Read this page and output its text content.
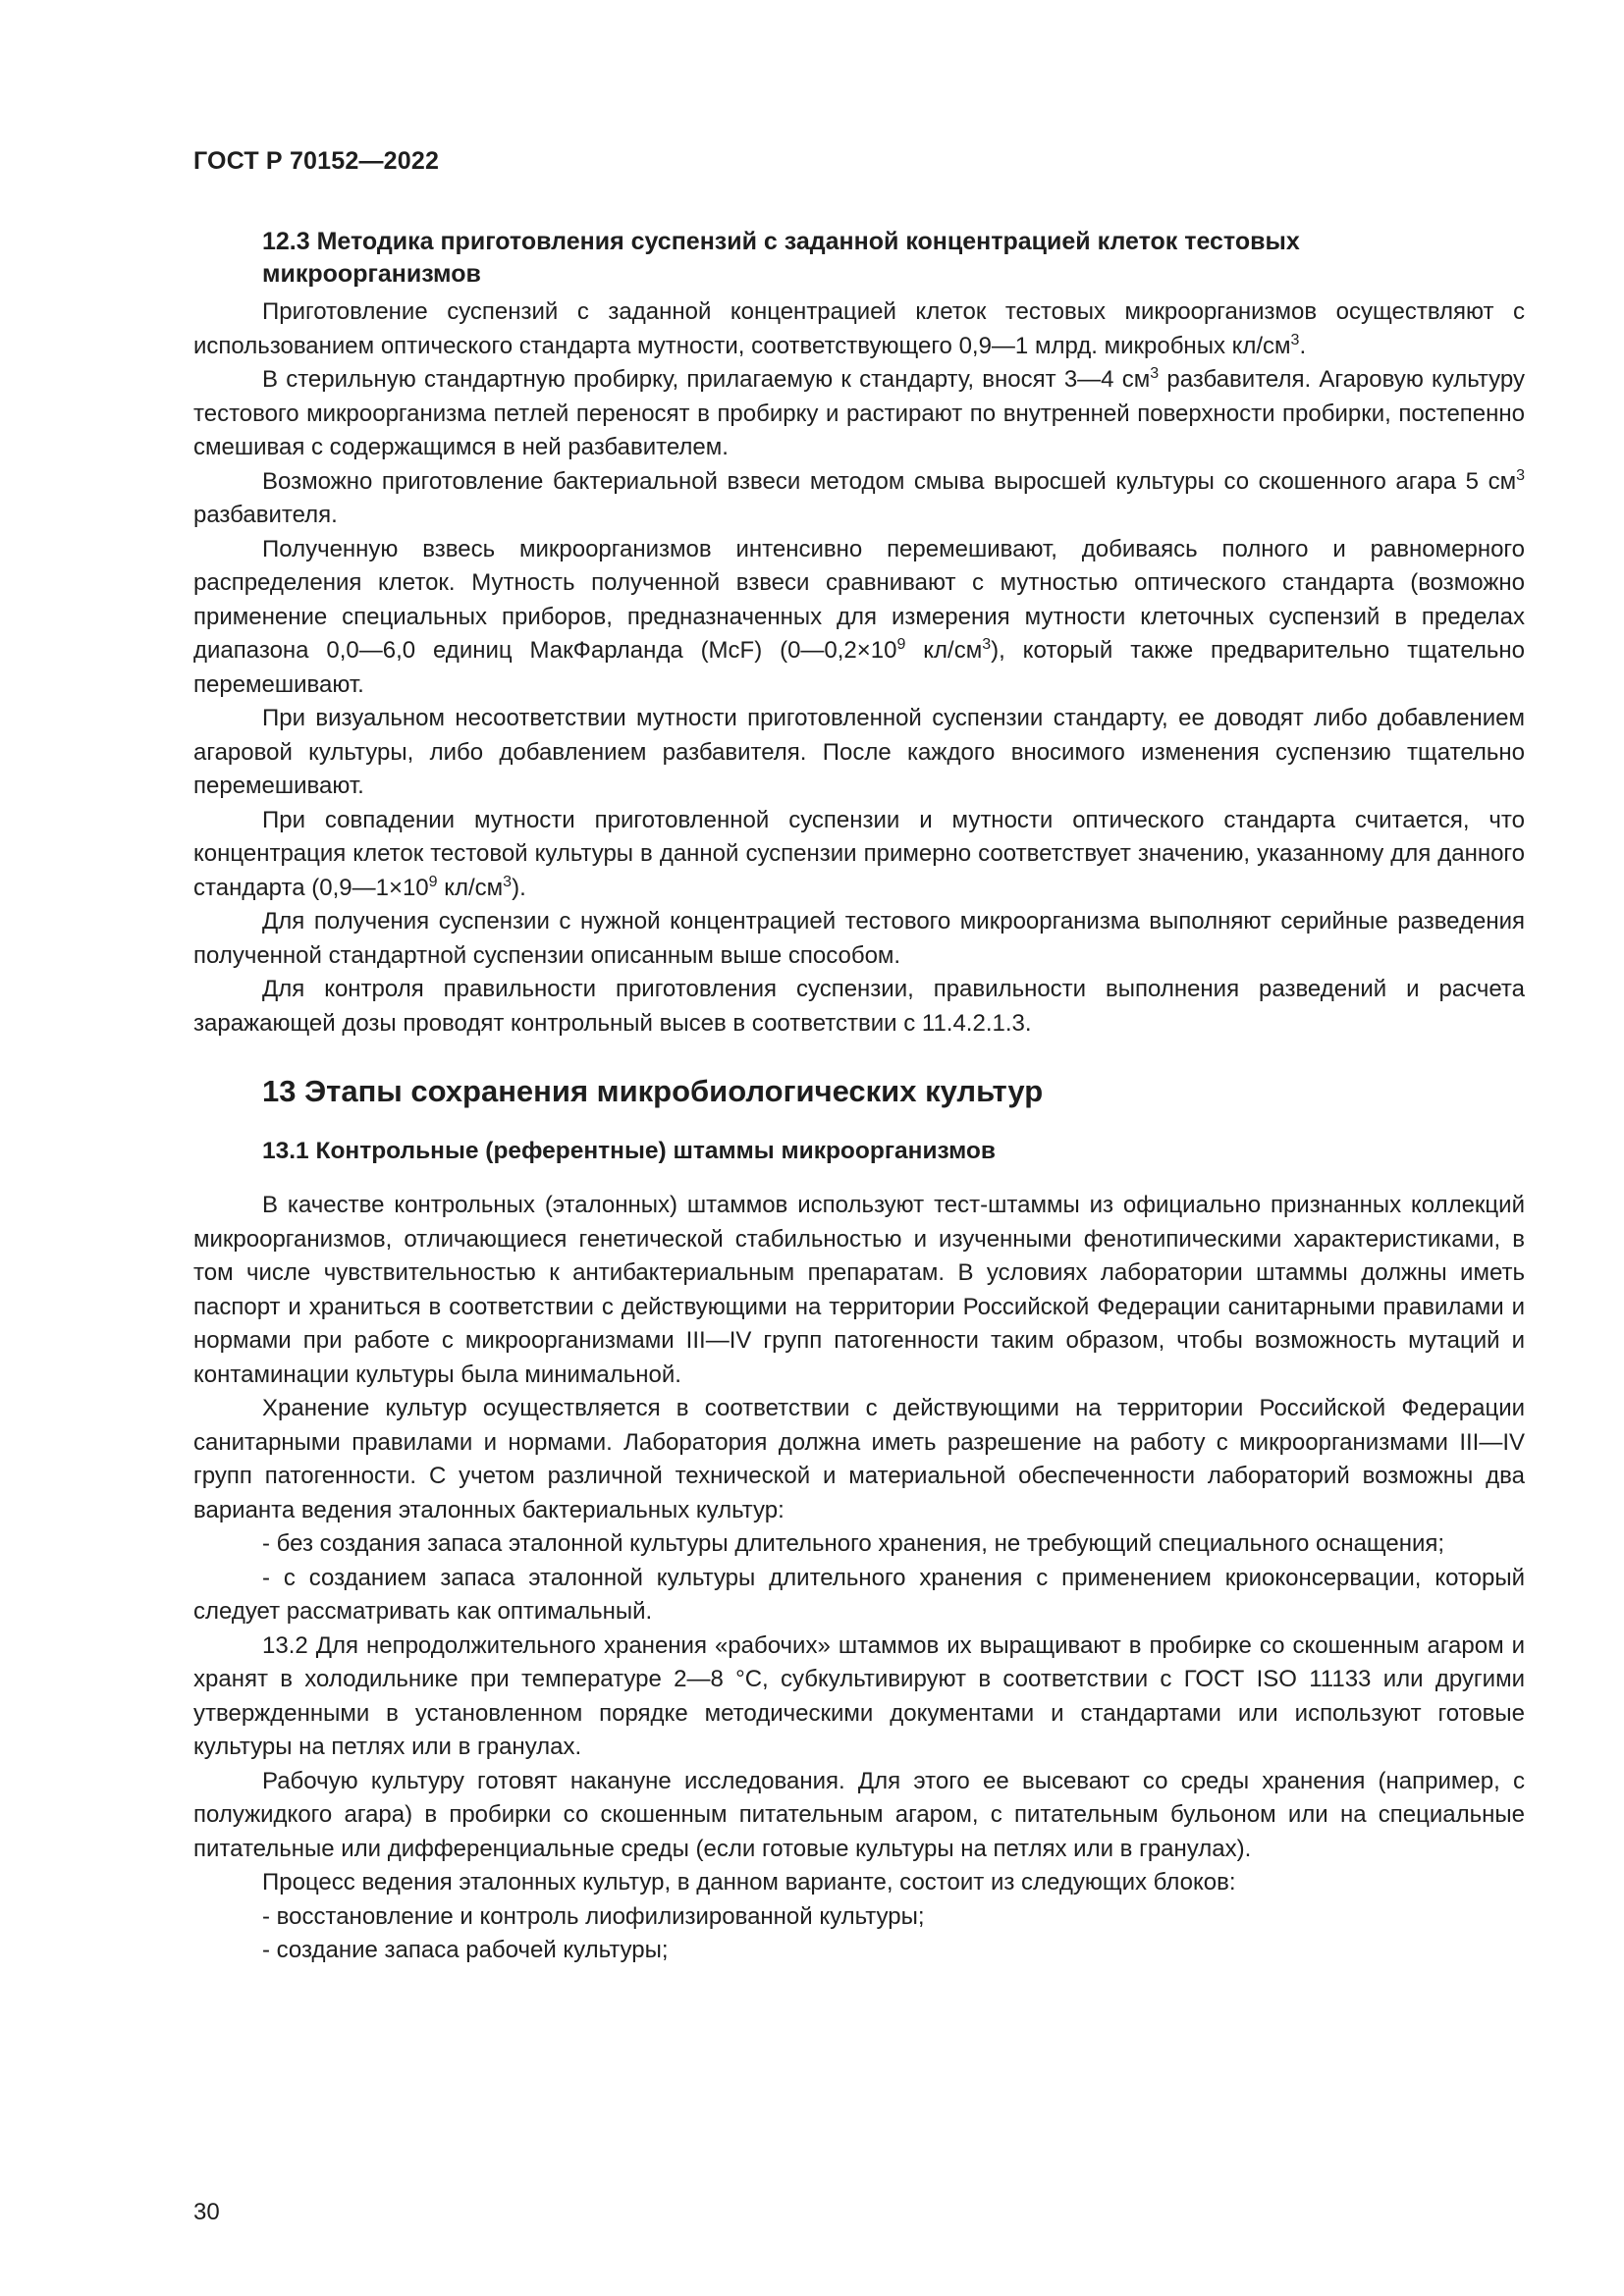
ГОСТ Р 70152—2022
12.3 Методика приготовления суспензий с заданной концентрацией клеток тестовых микроорганизмов

Приготовление суспензий с заданной концентрацией клеток тестовых микроорганизмов осуществляют с использованием оптического стандарта мутности, соответствующего 0,9—1 млрд. микробных $кл/см^3$.

В стерильную стандартную пробирку, прилагаемую к стандарту, вносят 3—4 $см^3$ разбавителя. Агаровую культуру тестового микроорганизма петлей переносят в пробирку и растирают по внутренней поверхности пробирки, постепенно смешивая с содержащимся в ней разбавителем.

Возможно приготовление бактериальной взвеси методом смыва выросшей культуры со скошенного агара 5 $см^3$ разбавителя.

Полученную взвесь микроорганизмов интенсивно перемешивают, добиваясь полного и равномерного распределения клеток. Мутность полученной взвеси сравнивают с мутностью оптического стандарта (возможно применение специальных приборов, предназначенных для измерения мутности клеточных суспензий в пределах диапазона 0,0—6,0 единиц МакФарланда (McF) ($0—0,2\times 10^9$ $кл/см^3$), который также предварительно тщательно перемешивают.

При визуальном несоответствии мутности приготовленной суспензии стандарту, ее доводят либо добавлением агаровой культуры, либо добавлением разбавителя. После каждого вносимого изменения суспензию тщательно перемешивают.

При совпадении мутности приготовленной суспензии и мутности оптического стандарта считается, что концентрация клеток тестовой культуры в данной суспензии примерно соответствует значению, указанному для данного стандарта ($0,9—1\times 10^9$ $кл/см^3$).

Для получения суспензии с нужной концентрацией тестового микроорганизма выполняют серийные разведения полученной стандартной суспензии описанным выше способом.

Для контроля правильности приготовления суспензии, правильности выполнения разведений и расчета заражающей дозы проводят контрольный высев в соответствии с 11.4.2.1.3.

13 Этапы сохранения микробиологических культур
13.1 Контрольные (референтные) штаммы микроорганизмов

В качестве контрольных (эталонных) штаммов используют тест-штаммы из официально признанных коллекций микроорганизмов, отличающиеся генетической стабильностью и изученными фенотипическими характеристиками, в том числе чувствительностью к антибактериальным препаратам. В условиях лаборатории штаммы должны иметь паспорт и храниться в соответствии с действующими на территории Российской Федерации санитарными правилами и нормами при работе с микроорганизмами III—IV групп патогенности таким образом, чтобы возможность мутаций и контаминации культуры была минимальной.

Хранение культур осуществляется в соответствии с действующими на территории Российской Федерации санитарными правилами и нормами. Лаборатория должна иметь разрешение на работу с микроорганизмами III—IV групп патогенности. С учетом различной технической и материальной обеспеченности лабораторий возможны два варианта ведения эталонных бактериальных культур:

- без создания запаса эталонной культуры длительного хранения, не требующий специального оснащения;

- с созданием запаса эталонной культуры длительного хранения с применением криоконсервации, который следует рассматривать как оптимальный.

13.2 Для непродолжительного хранения «рабочих» штаммов их выращивают в пробирке со скошенным агаром и хранят в холодильнике при температуре 2—8 °С, субкультивируют в соответствии с ГОСТ ISO 11133 или другими утвержденными в установленном порядке методическими документами и стандартами или используют готовые культуры на петлях или в гранулах.

Рабочую культуру готовят накануне исследования. Для этого ее высевают со среды хранения (например, с полужидкого агара) в пробирки со скошенным питательным агаром, с питательным бульоном или на специальные питательные или дифференциальные среды (если готовые культуры на петлях или в гранулах).

Процесс ведения эталонных культур, в данном варианте, состоит из следующих блоков:

- восстановление и контроль лиофилизированной культуры;

- создание запаса рабочей культуры;

30
